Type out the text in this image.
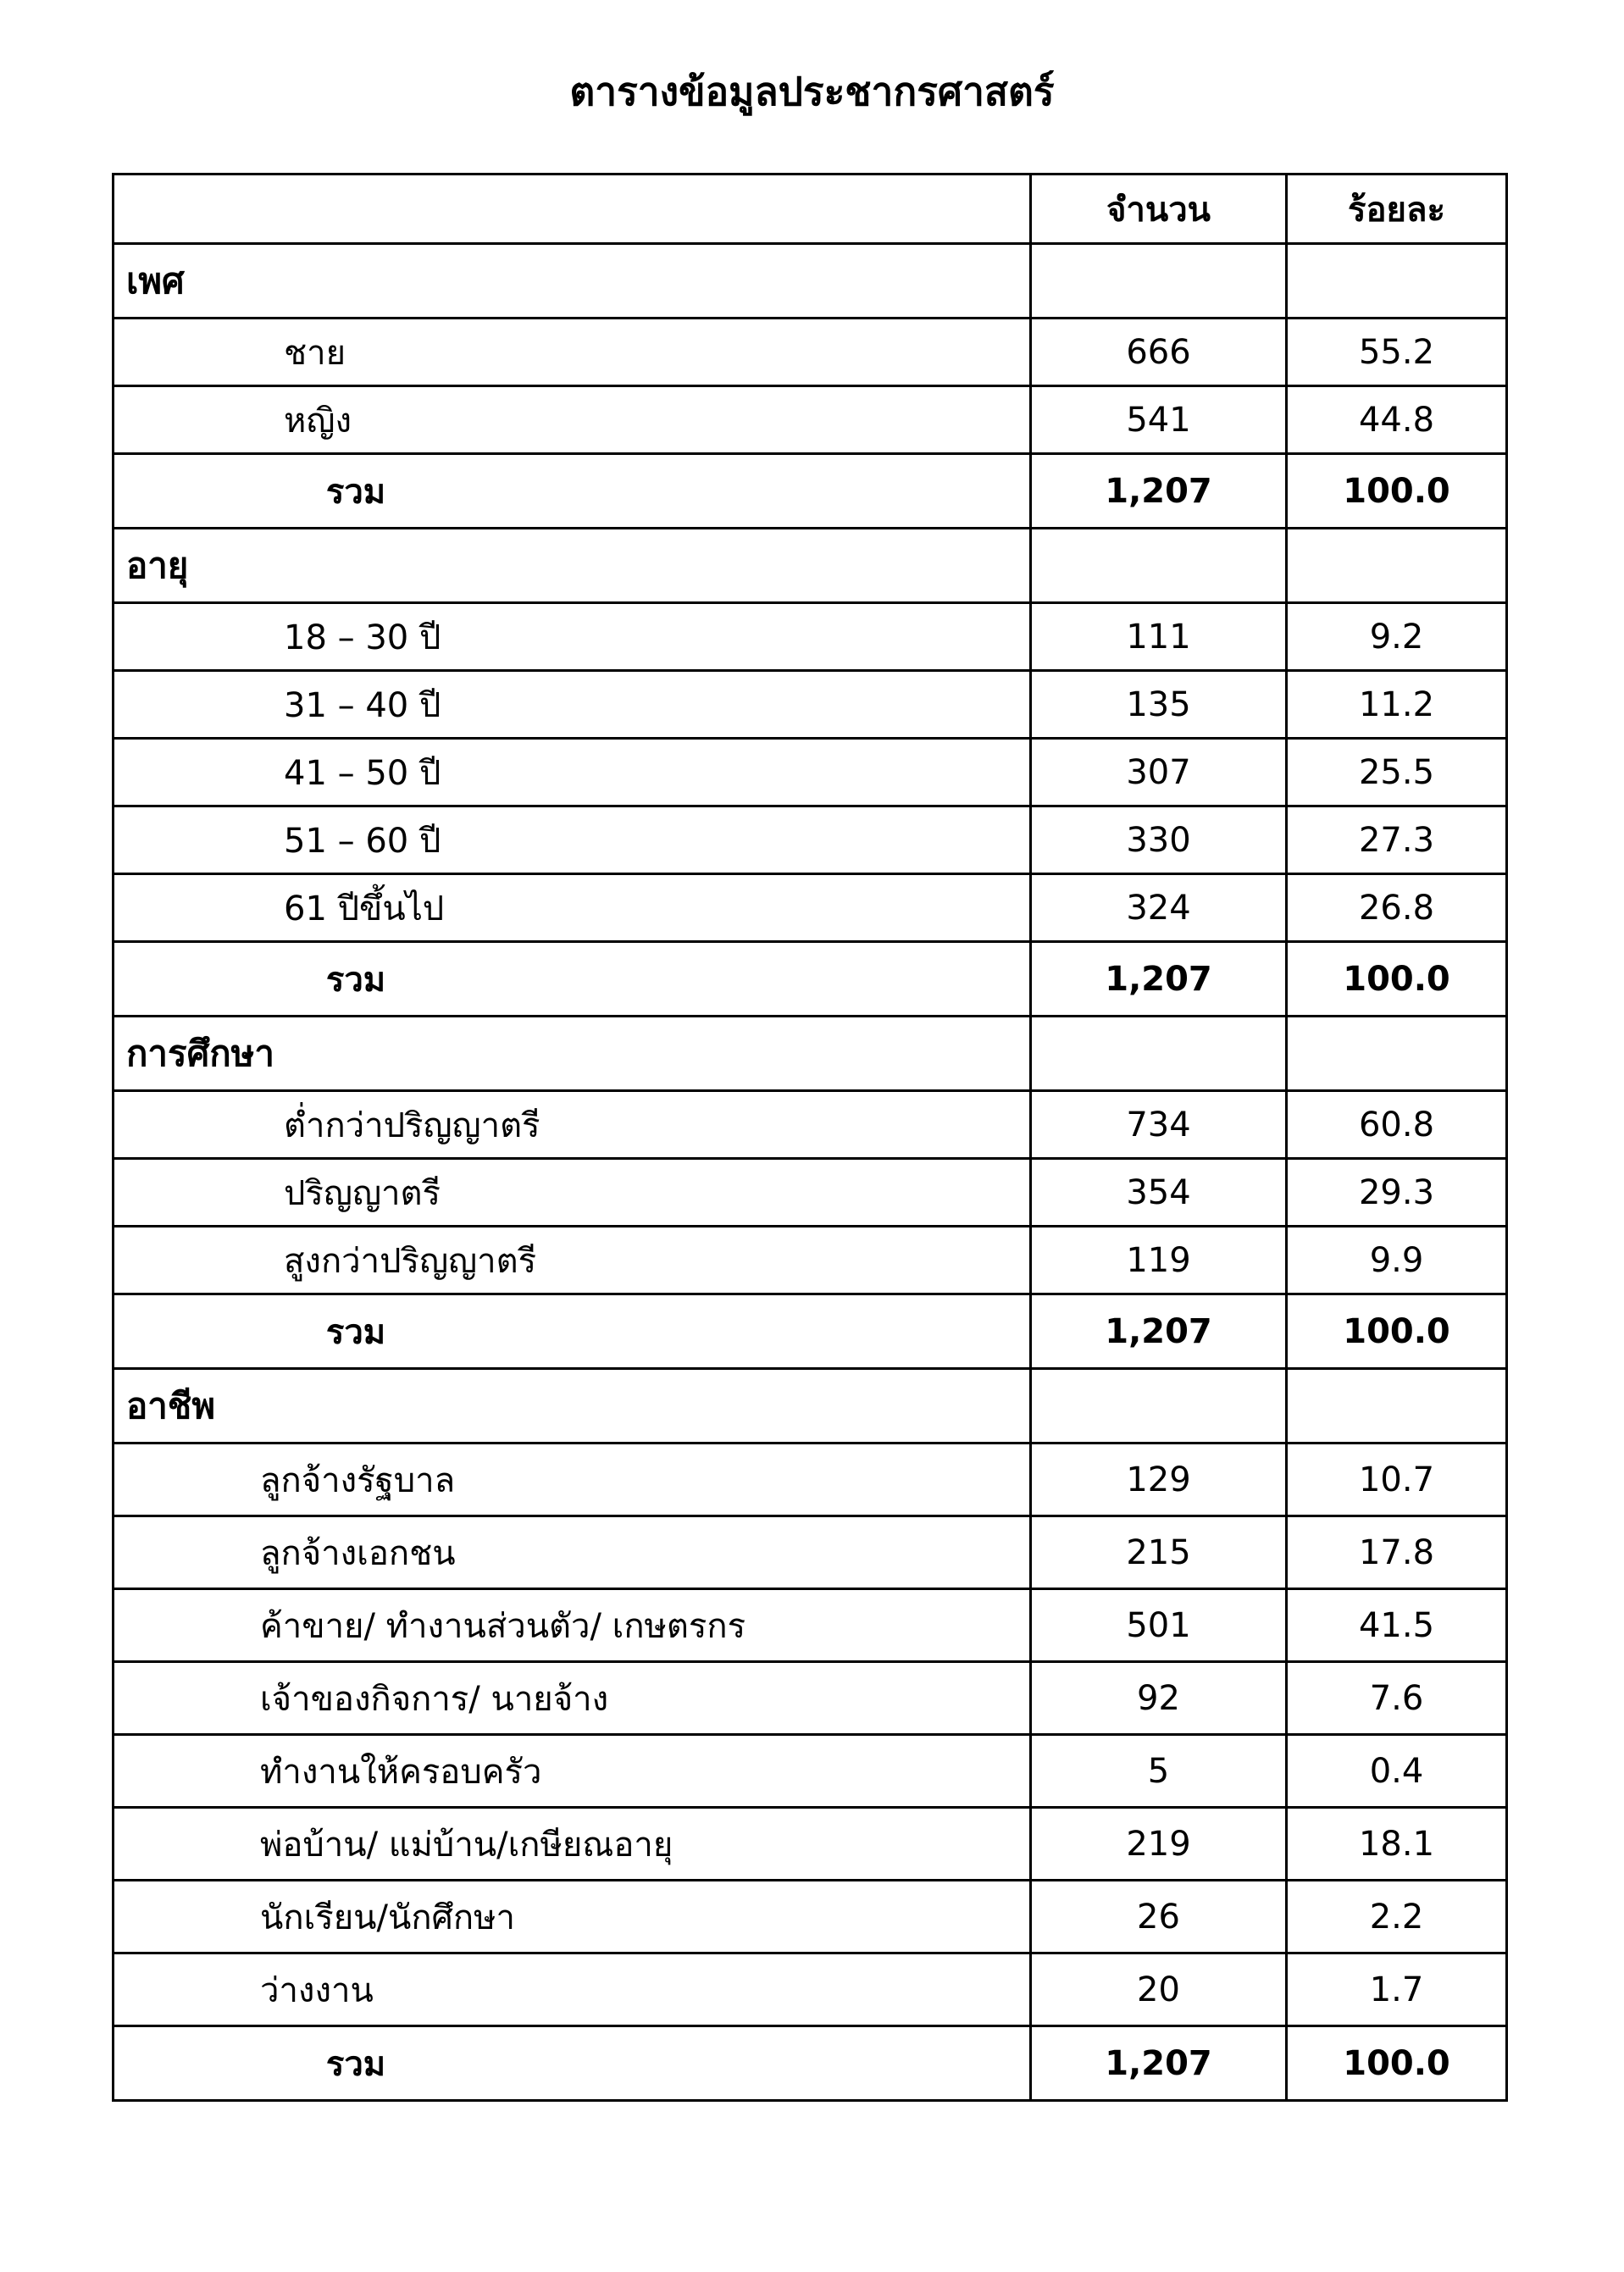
ตารางข้อมูลประชากรศาสตร์
	จำนวน	ร้อยละ
เพศ		
ชาย	666	55.2
หญิง	541	44.8
รวม	1,207	100.0
อายุ		
18 – 30 ปี	111	9.2
31 – 40 ปี	135	11.2
41 – 50 ปี	307	25.5
51 – 60 ปี	330	27.3
61 ปีขึ้นไป	324	26.8
รวม	1,207	100.0
การศึกษา		
ต่ำกว่าปริญญาตรี	734	60.8
ปริญญาตรี	354	29.3
สูงกว่าปริญญาตรี	119	9.9
รวม	1,207	100.0
อาชีพ		
ลูกจ้างรัฐบาล	129	10.7
ลูกจ้างเอกชน	215	17.8
ค้าขาย/ ทำงานส่วนตัว/ เกษตรกร	501	41.5
เจ้าของกิจการ/ นายจ้าง	92	7.6
ทำงานให้ครอบครัว	5	0.4
พ่อบ้าน/ แม่บ้าน/เกษียณอายุ	219	18.1
นักเรียน/นักศึกษา	26	2.2
ว่างงาน	20	1.7
รวม	1,207	100.0
